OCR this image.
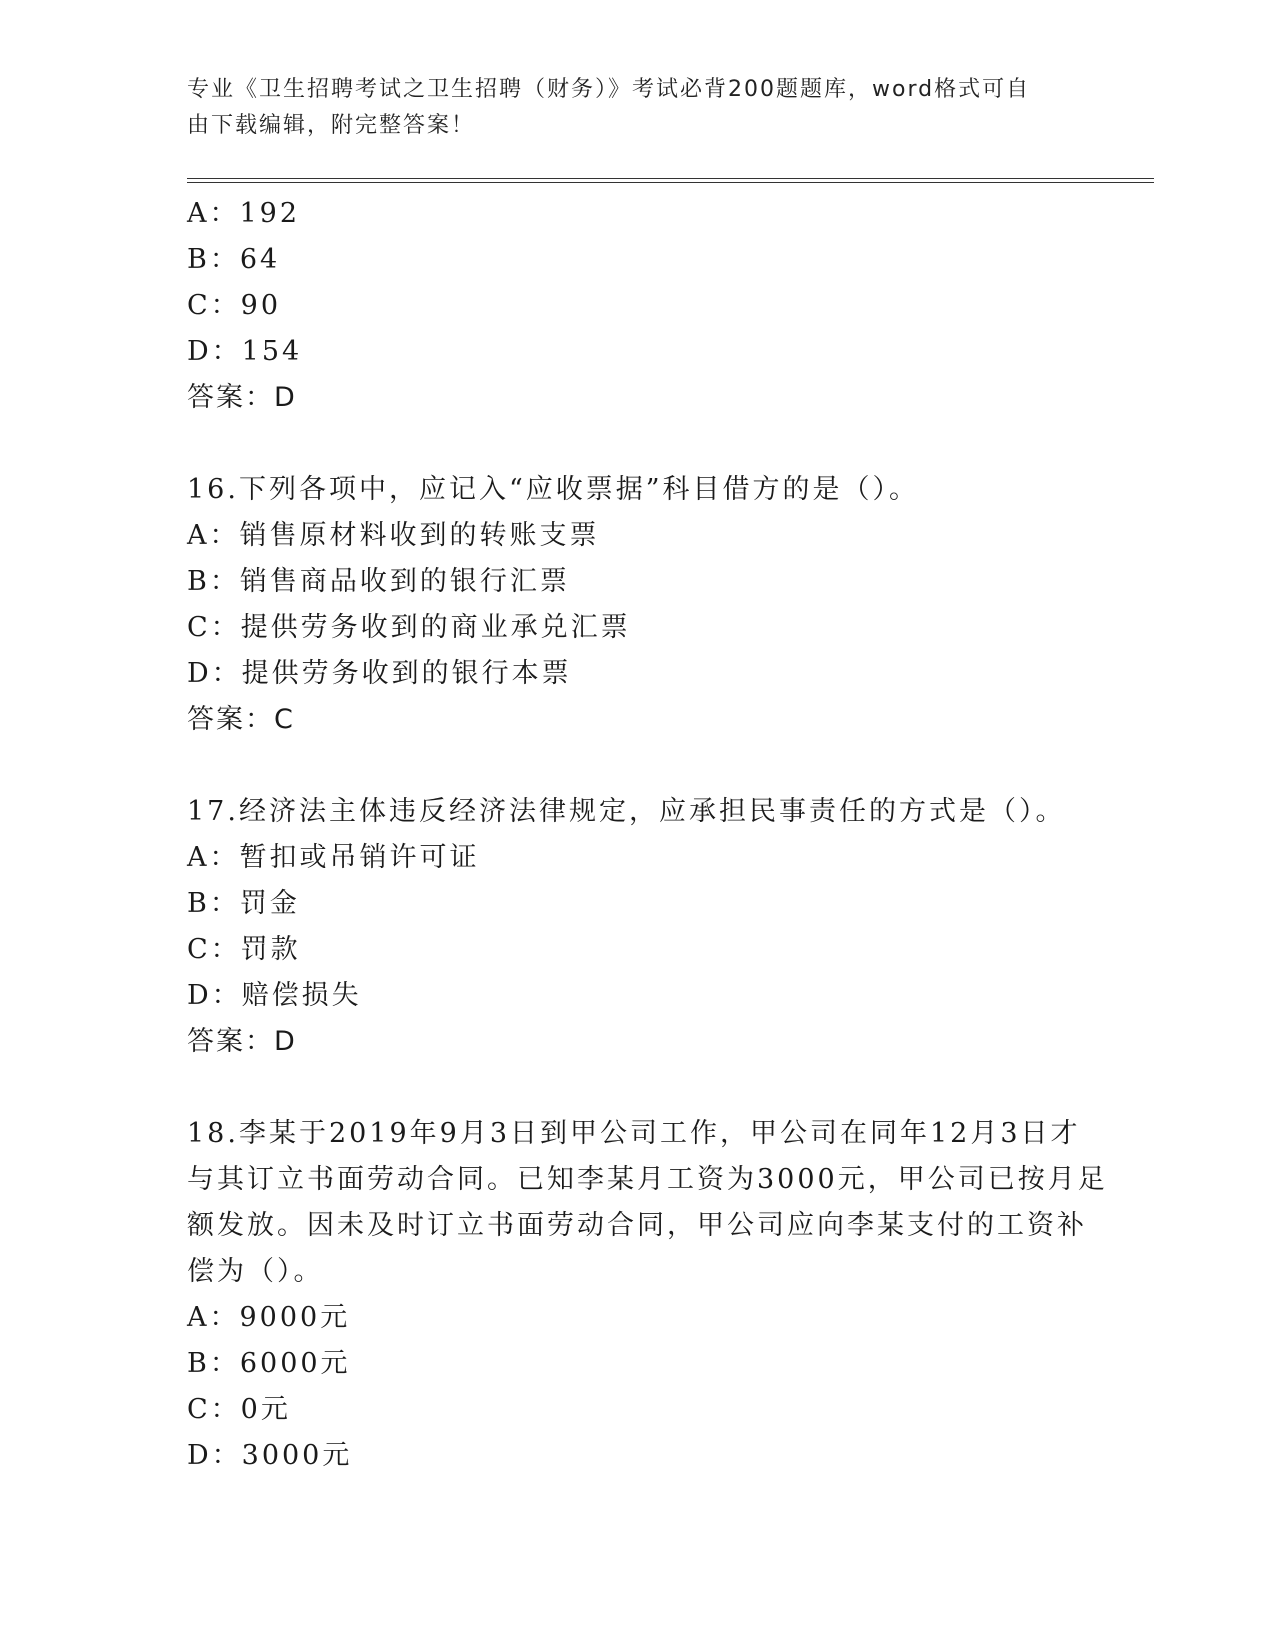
专业《卫生招聘考试之卫生招聘（财务）》考试必背200题题库，word格式可自
由下载编辑，附完整答案！
A：192
B：64
C：90
D：154
答案：D
16.下列各项中，应记入“应收票据”科目借方的是（）。
A：销售原材料收到的转账支票
B：销售商品收到的银行汇票
C：提供劳务收到的商业承兑汇票
D：提供劳务收到的银行本票
答案：C
17.经济法主体违反经济法律规定，应承担民事责任的方式是（）。
A：暂扣或吊销许可证
B：罚金
C：罚款
D：赔偿损失
答案：D
18.李某于2019年9月3日到甲公司工作，甲公司在同年12月3日才
与其订立书面劳动合同。已知李某月工资为3000元，甲公司已按月足
额发放。因未及时订立书面劳动合同，甲公司应向李某支付的工资补
偿为（）。
A：9000元
B：6000元
C：0元
D：3000元
